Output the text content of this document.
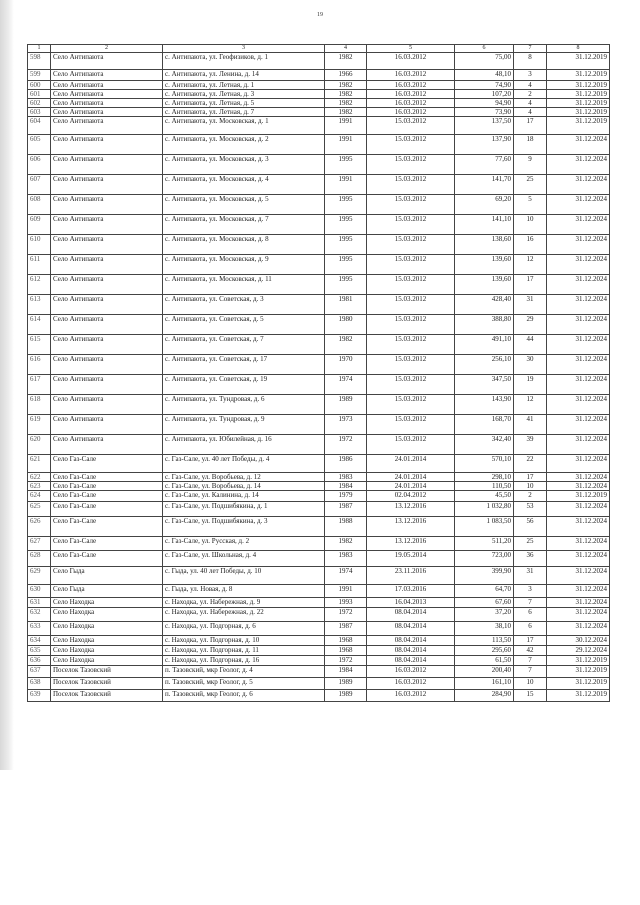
19
1	2	3	4	5	6	7	8
598	Село Антипаюта	с. Антипаюта, ул. Геофизиков, д. 1	1982	16.03.2012	75,00	8	31.12.2019
599	Село Антипаюта	с. Антипаюта, ул. Ленина, д. 14	1966	16.03.2012	48,10	3	31.12.2019
600	Село Антипаюта	с. Антипаюта, ул. Летная, д. 1	1982	16.03.2012	74,90	4	31.12.2019
601	Село Антипаюта	с. Антипаюта, ул. Летная, д. 3	1982	16.03.2012	107,20	2	31.12.2019
602	Село Антипаюта	с. Антипаюта, ул. Летная, д. 5	1982	16.03.2012	94,90	4	31.12.2019
603	Село Антипаюта	с. Антипаюта, ул. Летная, д. 7	1982	16.03.2012	73,90	4	31.12.2019
604	Село Антипаюта	с. Антипаюта, ул. Московская, д. 1	1991	15.03.2012	137,50	17	31.12.2019
605	Село Антипаюта	с. Антипаюта, ул. Московская, д. 2	1991	15.03.2012	137,90	18	31.12.2024
606	Село Антипаюта	с. Антипаюта, ул. Московская, д. 3	1995	15.03.2012	77,60	9	31.12.2024
607	Село Антипаюта	с. Антипаюта, ул. Московская, д. 4	1991	15.03.2012	141,70	25	31.12.2024
608	Село Антипаюта	с. Антипаюта, ул. Московская, д. 5	1995	15.03.2012	69,20	5	31.12.2024
609	Село Антипаюта	с. Антипаюта, ул. Московская, д. 7	1995	15.03.2012	141,10	10	31.12.2024
610	Село Антипаюта	с. Антипаюта, ул. Московская, д. 8	1995	15.03.2012	138,60	16	31.12.2024
611	Село Антипаюта	с. Антипаюта, ул. Московская, д. 9	1995	15.03.2012	139,60	12	31.12.2024
612	Село Антипаюта	с. Антипаюта, ул. Московская, д. 11	1995	15.03.2012	139,60	17	31.12.2024
613	Село Антипаюта	с. Антипаюта, ул. Советская, д. 3	1981	15.03.2012	428,40	31	31.12.2024
614	Село Антипаюта	с. Антипаюта, ул. Советская, д. 5	1980	15.03.2012	388,80	29	31.12.2024
615	Село Антипаюта	с. Антипаюта, ул. Советская, д. 7	1982	15.03.2012	491,10	44	31.12.2024
616	Село Антипаюта	с. Антипаюта, ул. Советская, д. 17	1970	15.03.2012	256,10	30	31.12.2024
617	Село Антипаюта	с. Антипаюта, ул. Советская, д. 19	1974	15.03.2012	347,50	19	31.12.2024
618	Село Антипаюта	с. Антипаюта, ул. Тундровая, д. 6	1989	15.03.2012	143,90	12	31.12.2024
619	Село Антипаюта	с. Антипаюта, ул. Тундровая, д. 9	1973	15.03.2012	168,70	41	31.12.2024
620	Село Антипаюта	с. Антипаюта, ул. Юбилейная, д. 16	1972	15.03.2012	342,40	39	31.12.2024
621	Село Газ-Сале	с. Газ-Сале, ул. 40 лет Победы, д. 4	1986	24.01.2014	570,10	22	31.12.2024
622	Село Газ-Сале	с. Газ-Сале, ул. Воробьева, д. 12	1983	24.01.2014	298,10	17	31.12.2024
623	Село Газ-Сале	с. Газ-Сале, ул. Воробьева, д. 14	1984	24.01.2014	110,50	10	31.12.2024
624	Село Газ-Сале	с. Газ-Сале, ул. Калинина, д. 14	1979	02.04.2012	45,50	2	31.12.2019
625	Село Газ-Сале	с. Газ-Сале, ул. Подшибякина, д. 1	1987	13.12.2016	1 032,80	53	31.12.2024
626	Село Газ-Сале	с. Газ-Сале, ул. Подшибякина, д. 3	1988	13.12.2016	1 083,50	56	31.12.2024
627	Село Газ-Сале	с. Газ-Сале, ул. Русская, д. 2	1982	13.12.2016	511,20	25	31.12.2024
628	Село Газ-Сале	с. Газ-Сале, ул. Школьная, д. 4	1983	19.05.2014	723,00	36	31.12.2024
629	Село Гыда	с. Гыда, ул. 40 лет Победы, д. 10	1974	23.11.2016	399,90	31	31.12.2024
630	Село Гыда	с. Гыда, ул. Новая, д. 8	1991	17.03.2016	64,70	3	31.12.2024
631	Село Находка	с. Находка, ул. Набережная, д. 9	1993	16.04.2013	67,60	7	31.12.2024
632	Село Находка	с. Находка, ул. Набережная, д. 22	1972	08.04.2014	37,20	6	31.12.2024
633	Село Находка	с. Находка, ул. Подгорная, д. 6	1987	08.04.2014	38,10	6	31.12.2024
634	Село Находка	с. Находка, ул. Подгорная, д. 10	1968	08.04.2014	113,50	17	30.12.2024
635	Село Находка	с. Находка, ул. Подгорная, д. 11	1968	08.04.2014	295,60	42	29.12.2024
636	Село Находка	с. Находка, ул. Подгорная, д. 16	1972	08.04.2014	61,50	7	31.12.2019
637	Поселок Тазовский	п. Тазовский, мкр Геолог, д. 4	1984	16.03.2012	200,40	7	31.12.2019
638	Поселок Тазовский	п. Тазовский, мкр Геолог, д. 5	1989	16.03.2012	161,10	10	31.12.2019
639	Поселок Тазовский	п. Тазовский, мкр Геолог, д. 6	1989	16.03.2012	284,90	15	31.12.2019
